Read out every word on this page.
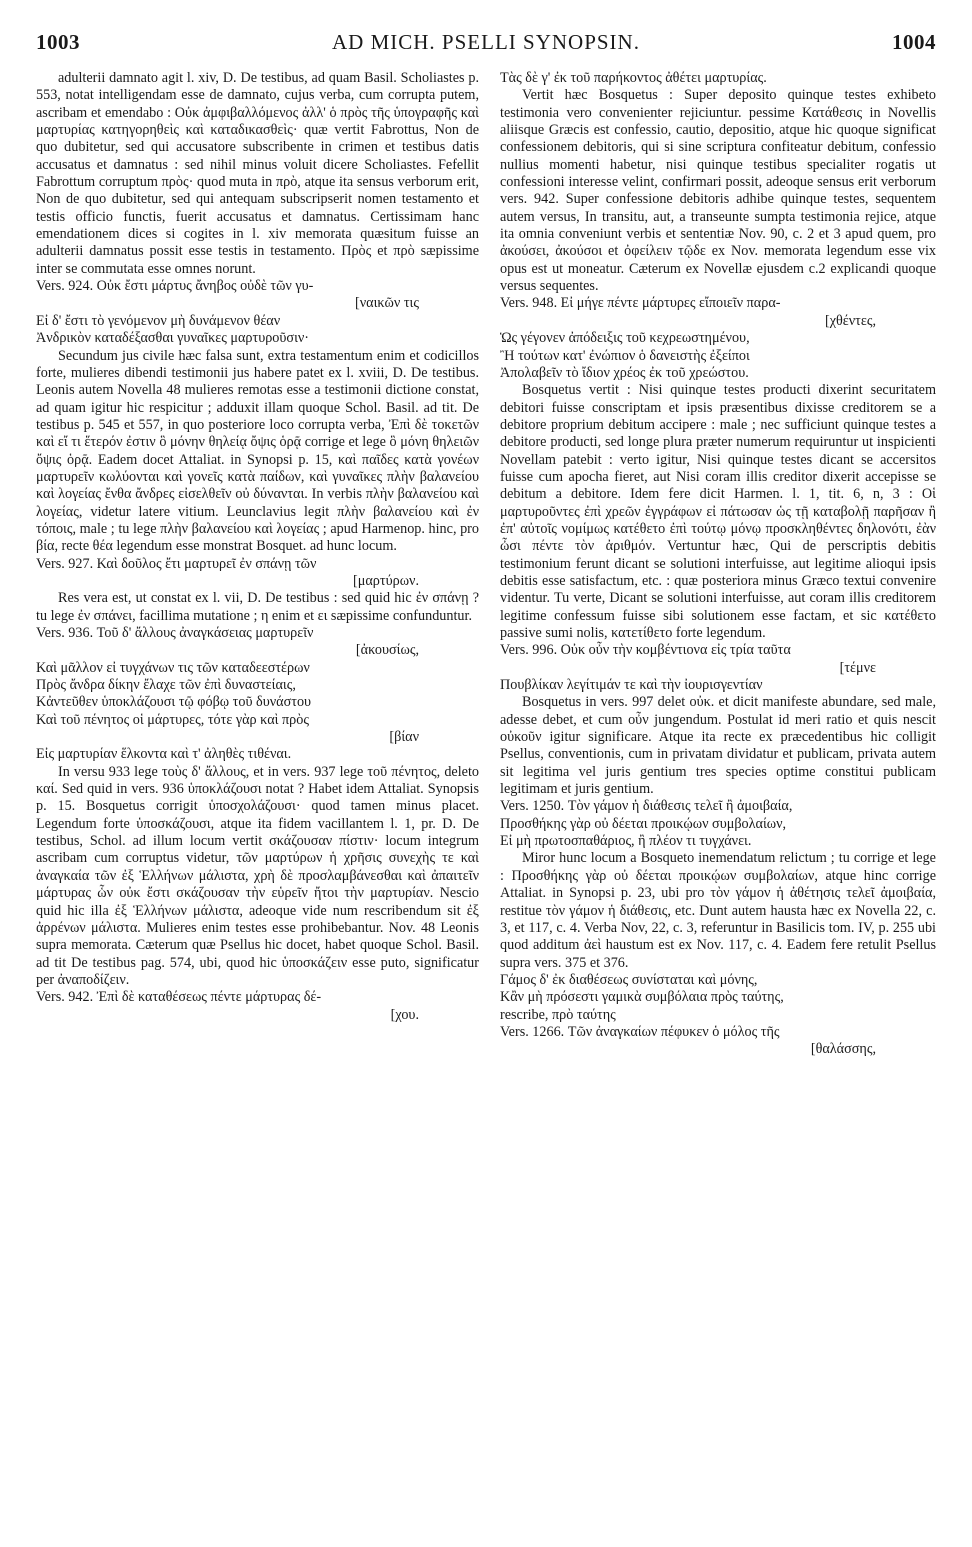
1003	AD MICH. PSELLI SYNOPSIN.	1004

adulterii damnato agit l. xiv, D. De testibus, ad quam Basil. Scholiastes p. 553, notat intelligendam esse de damnato, cujus verba, cum corrupta putem, ascribam et emendabo : Οὐκ ἀμφιβαλλόμενος ἀλλ' ὁ πρὸς τῆς ὑπογραφῆς καὶ μαρτυρίας κατηγορηθεὶς καὶ καταδικασθεὶς· quæ vertit Fabrottus, Non de quo dubitetur, sed qui accusatore subscribente in crimen et testibus datis accusatus et damnatus : sed nihil minus voluit dicere Scholiastes. Fefellit Fabrottum corruptum πρὸς· quod muta in πρὸ, atque ita sensus verborum erit, Non de quo dubitetur, sed qui antequam subscripserit nomen testamento et testis officio functis, fuerit accusatus et damnatus. Certissimam hanc emendationem dices si cogites in l. xiv memorata quæsitum fuisse an adulterii damnatus possit esse testis in testamento. Πρὸς et πρὸ sæpissime inter se commutata esse omnes norunt.

Vers. 924. Οὐκ ἔστι μάρτυς ἄνηβος οὐδὲ τῶν γυ-

[ναικῶν τις

Εἰ δ' ἔστι τὸ γενόμενον μὴ δυνάμενον θέαν

Ἀνδρικὸν καταδέξασθαι γυναῖκες μαρτυροῦσιν·

Secundum jus civile hæc falsa sunt, extra testamentum enim et codicillos forte, mulieres dibendi testimonii jus habere patet ex l. xviii, D. De testibus. Leonis autem Novella 48 mulieres remotas esse a testimonii dictione constat, ad quam igitur hic respicitur ; adduxit illam quoque Schol. Basil. ad tit. De testibus p. 545 et 557, in quo posteriore loco corrupta verba, Ἐπὶ δὲ τοκετῶν καὶ εἴ τι ἕτερόν ἐστιν ὃ μόνην θηλείᾳ ὄψις ὁρᾷ corrige et lege ὃ μόνη θηλειῶν ὄψις ὁρᾷ. Eadem docet Attaliat. in Synopsi p. 15, καὶ παῖδες κατὰ γονέων μαρτυρεῖν κωλύονται καὶ γονεῖς κατὰ παίδων, καὶ γυναῖκες πλὴν βαλανείου καὶ λογείας ἔνθα ἄνδρες εἰσελθεῖν οὐ δύνανται. In verbis πλὴν βαλανείου καὶ λογείας, videtur latere vitium. Leunclavius legit πλὴν βαλανείου καὶ ἐν τόποις, male ; tu lege πλὴν βαλανείου καὶ λογείας ; apud Harmenop. hinc, pro βία, recte θέα legendum esse monstrat Bosquet. ad hunc locum.

Vers. 927. Καὶ δοῦλος ἔτι μαρτυρεῖ ἐν σπάνῃ τῶν

[μαρτύρων.

Res vera est, ut constat ex l. vii, D. De testibus : sed quid hic ἐν σπάνῃ ? tu lege ἐν σπάνει, facillima mutatione ; η enim et ει sæpissime confunduntur.

Vers. 936. Τοῦ δ' ἄλλους ἀναγκάσειας μαρτυρεῖν

[ἀκουσίως,

Καὶ μᾶλλον εἰ τυγχάνων τις τῶν καταδεεστέρων

Πρὸς ἄνδρα δίκην ἔλαχε τῶν ἐπὶ δυναστείαις,

Κἀντεῦθεν ὑποκλάζουσι τῷ φόβῳ τοῦ δυνάστου

Καὶ τοῦ πένητος οἱ μάρτυρες, τότε γὰρ καὶ πρὸς

[βίαν

Εἰς μαρτυρίαν ἕλκοντα καὶ τ' ἀληθὲς τιθέναι.

In versu 933 lege τοὺς δ' ἄλλους, et in vers. 937 lege τοῦ πένητος, deleto καί. Sed quid in vers. 936 ὑποκλάζουσι notat ? Habet idem Attaliat. Synopsis p. 15. Bosquetus corrigit ὑποσχολάζουσι· quod tamen minus placet. Legendum forte ὑποσκάζουσι, atque ita fidem vacillantem l. 1, pr. D. De testibus, Schol. ad illum locum vertit σκάζουσαν πίστιν· locum integrum ascribam cum corruptus videtur, τῶν μαρτύρων ἡ χρῆσις συνεχὴς τε καὶ ἀναγκαία τῶν ἐξ Ἑλλήνων μάλιστα, χρὴ δὲ προσλαμβάνεσθαι καὶ ἀπαιτεῖν μάρτυρας ὧν οὐκ ἔστι σκάζουσαν τὴν εὑρεῖν ἤτοι τὴν μαρτυρίαν. Nescio quid hic illa ἐξ Ἑλλήνων μάλιστα, adeoque vide num rescribendum sit ἐξ ἀρρένων μάλιστα. Mulieres enim testes esse prohibebantur. Nov. 48 Leonis supra memorata. Cæterum quæ Psellus hic docet, habet quoque Schol. Basil. ad tit De testibus pag. 574, ubi, quod hic ὑποσκάζειν esse puto, significatur per ἀναποδίζειν.

Vers. 942. Ἐπὶ δὲ καταθέσεως πέντε μάρτυρας δέ-

[χου.

Τὰς δὲ γ' ἐκ τοῦ παρήκοντος ἀθέτει μαρτυρίας.

Vertit hæc Bosquetus : Super deposito quinque testes exhibeto testimonia vero convenienter rejiciuntur. pessime Κατάθεσις in Novellis aliisque Græcis est confessio, cautio, depositio, atque hic quoque significat confessionem debitoris, qui si sine scriptura confiteatur debitum, confessio nullius momenti habetur, nisi quinque testibus specialiter rogatis ut confessioni interesse velint, confirmari possit, adeoque sensus erit verborum vers. 942. Super confessione debitoris adhibe quinque testes, sequentem autem versus, In transitu, aut, a transeunte sumpta testimonia rejice, atque ita omnia conveniunt verbis et sententiæ Nov. 90, c. 2 et 3 apud quem, pro ἀκούσει, ἀκούσοι et ὀφείλειν τῷδε ex Nov. memorata legendum esse vix opus est ut moneatur. Cæterum ex Novellæ ejusdem c.2 explicandi quoque versus sequentes.

Vers. 948. Εἰ μήγε πέντε μάρτυρες εἴποιεῖν παρα-

[χθέντες,

Ὡς γέγονεν ἀπόδειξις τοῦ κεχρεωστημένου,

Ἢ τούτων κατ' ἐνώπιον ὁ δανειστὴς ἐξείποι

Ἀπολαβεῖν τὸ ἴδιον χρέος ἐκ τοῦ χρεώστου.

Bosquetus vertit : Nisi quinque testes producti dixerint securitatem debitori fuisse conscriptam et ipsis præsentibus dixisse creditorem se a debitore proprium debitum accipere : male ; nec sufficiunt quinque testes a debitore producti, sed longe plura præter numerum requiruntur ut inspicienti Novellam patebit : verto igitur, Nisi quinque testes dicant se accersitos fuisse cum apocha fieret, aut Nisi coram illis creditor dixerit accepisse se debitum a debitore. Idem fere dicit Harmen. l. 1, tit. 6, n, 3 : Οἱ μαρτυροῦντες ἐπὶ χρεῶν ἐγγράφων εἰ πάτωσαν ὡς τῇ καταβολῇ παρῆσαν ἢ ἐπ' αὐτοῖς νομίμως κατέθετο ἐπὶ τούτῳ μόνῳ προσκληθέντες δηλονότι, ἐὰν ὦσι πέντε τὸν ἀριθμόν. Vertuntur hæc, Qui de perscriptis debitis testimonium ferunt dicant se solutioni interfuisse, aut legitime alioqui ipsis debitis esse satisfactum, etc. : quæ posteriora minus Græco textui convenire videntur. Tu verte, Dicant se solutioni interfuisse, aut coram illis creditorem legitime confessum fuisse sibi solutionem esse factam, et sic κατέθετο passive sumi nolis, κατετίθετο forte legendum.

Vers. 996. Οὐκ οὖν τὴν κομβέντιονα εἰς τρία ταῦτα

[τέμνε

Πουβλίκαν λεγίτιμάν τε καὶ τὴν ἰουρισγεντίαν

Bosquetus in vers. 997 delet οὐκ. et dicit manifeste abundare, sed male, adesse debet, et cum οὖν jungendum. Postulat id meri ratio et quis nescit οὐκοῦν igitur significare. Atque ita recte ex præcedentibus hic colligit Psellus, conventionis, cum in privatam dividatur et publicam, privata autem sit legitima vel juris gentium tres species optime constitui publicam legitimam et juris gentium.

Vers. 1250. Τὸν γάμον ἡ διάθεσις τελεῖ ἢ ἀμοιβαία,

Προσθήκης γὰρ οὐ δέεται προικῴων συμβολαίων,

Εἰ μὴ πρωτοσπαθάριος, ἢ πλέον τι τυγχάνει.

Miror hunc locum a Bosqueto inemendatum relictum ; tu corrige et lege : Προσθήκης γὰρ οὐ δέεται προικῴων συμβολαίων, atque hinc corrige Attaliat. in Synopsi p. 23, ubi pro τὸν γάμον ἡ ἀθέτησις τελεῖ ἀμοιβαία, restitue τὸν γάμον ἡ διάθεσις, etc. Dunt autem hausta hæc ex Novella 22, c. 3, et 117, c. 4. Verba Nov, 22, c. 3, referuntur in Basilicis tom. IV, p. 255 ubi quod additum ἀεὶ haustum est ex Nov. 117, c. 4. Eadem fere retulit Psellus supra vers. 375 et 376.

Γάμος δ' ἐκ διαθέσεως συνίσταται καὶ μόνης,

Κἂν μὴ πρόσεστι γαμικὰ συμβόλαια πρὸς ταύτης,

rescribe, πρὸ ταύτης

Vers. 1266. Τῶν ἀναγκαίων πέφυκεν ὁ μόλος τῆς

[θαλάσσης,
